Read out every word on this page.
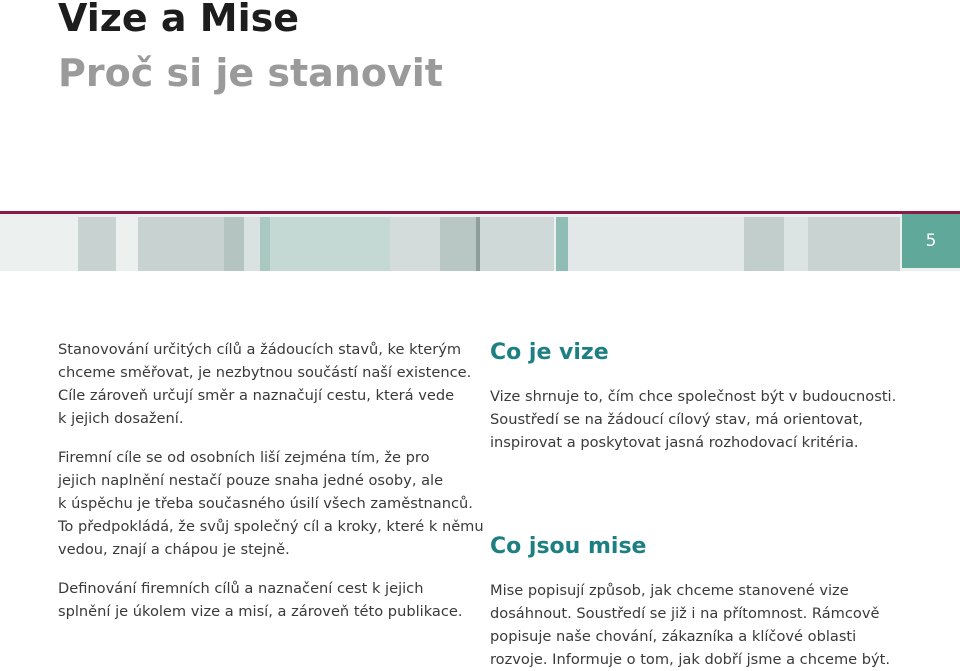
Vize a Mise
Proč si je stanovit
5

Stanovování určitých cílů a žádoucích stavů, ke kterým
chceme směřovat, je nezbytnou součástí naší existence.
Cíle zároveň určují směr a naznačují cestu, která vede
k jejich dosažení.

Firemní cíle se od osobních liší zejména tím, že pro
jejich naplnění nestačí pouze snaha jedné osoby, ale
k úspěchu je třeba současného úsilí všech zaměstnanců.
To předpokládá, že svůj společný cíl a kroky, které k němu
vedou, znají a chápou je stejně.

Definování firemních cílů a naznačení cest k jejich
splnění je úkolem vize a misí, a zároveň této publikace.

Co je vize

Vize shrnuje to, čím chce společnost být v budoucnosti.
Soustředí se na žádoucí cílový stav, má orientovat,
inspirovat a poskytovat jasná rozhodovací kritéria.

Co jsou mise

Mise popisují způsob, jak chceme stanovené vize
dosáhnout. Soustředí se již i na přítomnost. Rámcově
popisuje naše chování, zákazníka a klíčové oblasti
rozvoje. Informuje o tom, jak dobří jsme a chceme být.
